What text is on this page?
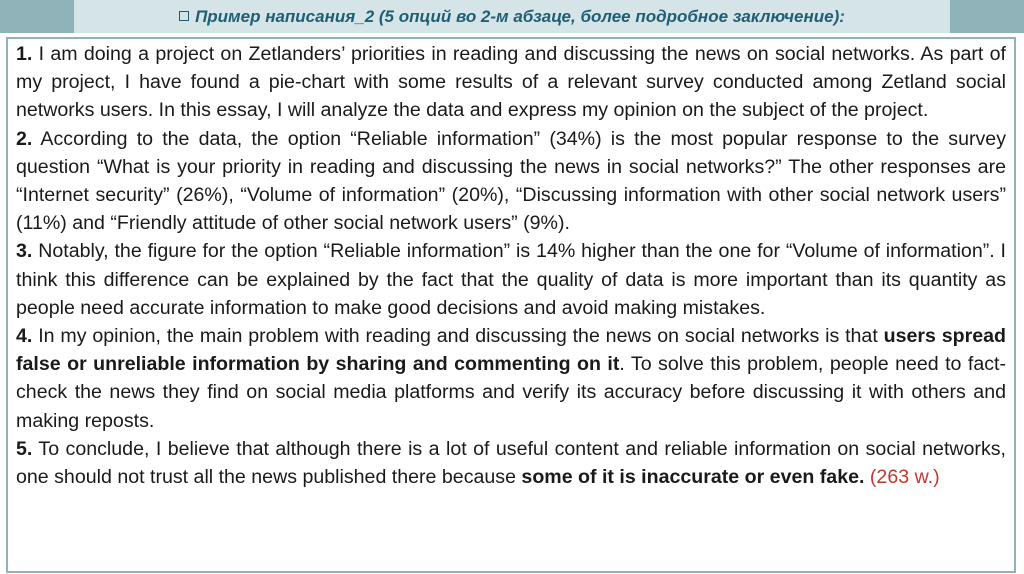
Пример написания_2 (5 опций во 2-м абзаце, более подробное заключение):

1. I am doing a project on Zetlanders’ priorities in reading and discussing the news on social networks. As part of my project, I have found a pie-chart with some results of a relevant survey conducted among Zetland social networks users. In this essay, I will analyze the data and express my opinion on the subject of the project.

2. According to the data, the option “Reliable information” (34%) is the most popular response to the survey question “What is your priority in reading and discussing the news in social networks?” The other responses are “Internet security” (26%), “Volume of information” (20%), “Discussing information with other social network users” (11%) and “Friendly attitude of other social network users” (9%).

3. Notably, the figure for the option “Reliable information” is 14% higher than the one for “Volume of information”. I think this difference can be explained by the fact that the quality of data is more important than its quantity as people need accurate information to make good decisions and avoid making mistakes.

4. In my opinion, the main problem with reading and discussing the news on social networks is that users spread false or unreliable information by sharing and commenting on it. To solve this problem, people need to fact-check the news they find on social media platforms and verify its accuracy before discussing it with others and making reposts.

5. To conclude, I believe that although there is a lot of useful content and reliable information on social networks, one should not trust all the news published there because some of it is inaccurate or even fake. (263 w.)
